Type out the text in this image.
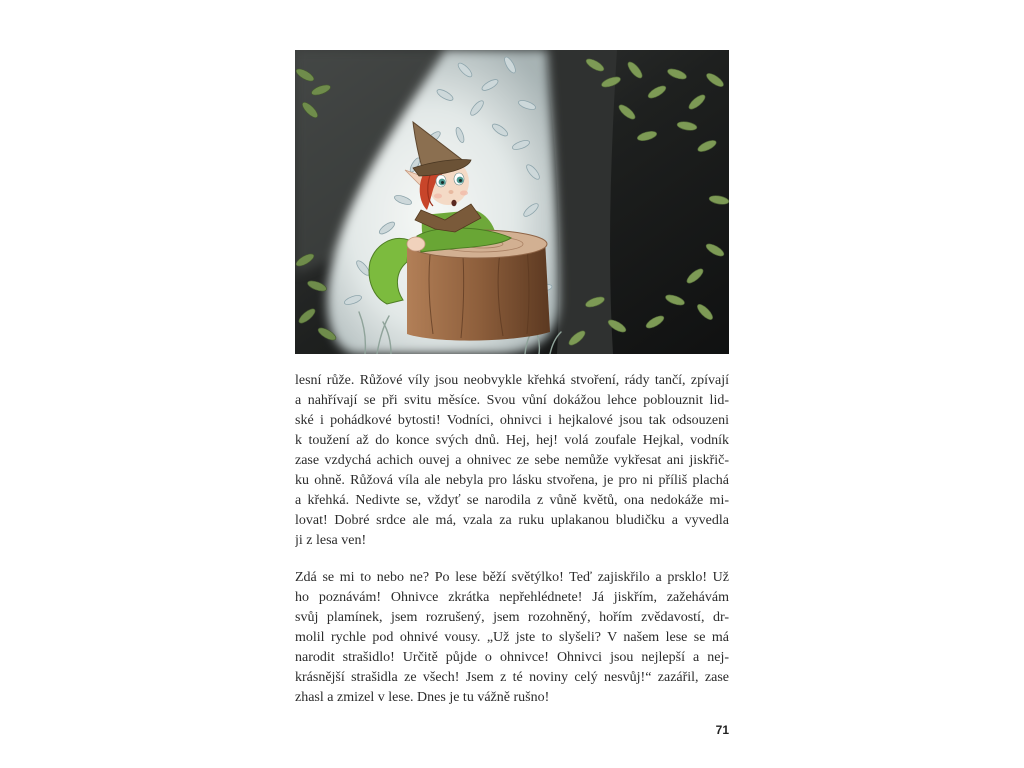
lesní růže. Růžové víly jsou neobvykle křehká stvoření, rády tančí, zpívají
a nahřívají se při svitu měsíce. Svou vůní dokážou lehce poblouznit lid-
ské i pohádkové bytosti! Vodníci, ohnivci i hejkalové jsou tak odsouzeni
k toužení až do konce svých dnů. Hej, hej! volá zoufale Hejkal, vodník
zase vzdychá achich ouvej a ohnivec ze sebe nemůže vykřesat ani jiskřič-
ku ohně. Růžová víla ale nebyla pro lásku stvořena, je pro ni příliš plachá
a křehká. Nedivte se, vždyť se narodila z vůně květů, ona nedokáže mi-
lovat! Dobré srdce ale má, vzala za ruku uplakanou bludičku a vyvedla
ji z lesa ven!
Zdá se mi to nebo ne? Po lese běží světýlko! Teď zajiskřilo a prsklo! Už
ho poznávám! Ohnivce zkrátka nepřehlédnete! Já jiskřím, zažehávám
svůj plamínek, jsem rozrušený, jsem rozohněný, hořím zvědavostí, dr-
molil rychle pod ohnivé vousy. „Už jste to slyšeli? V našem lese se má
narodit strašidlo! Určitě půjde o ohnivce! Ohnivci jsou nejlepší a nej-
krásnější strašidla ze všech! Jsem z té noviny celý nesvůj!“ zazářil, zase
zhasl a zmizel v lese. Dnes je tu vážně rušno!
71
